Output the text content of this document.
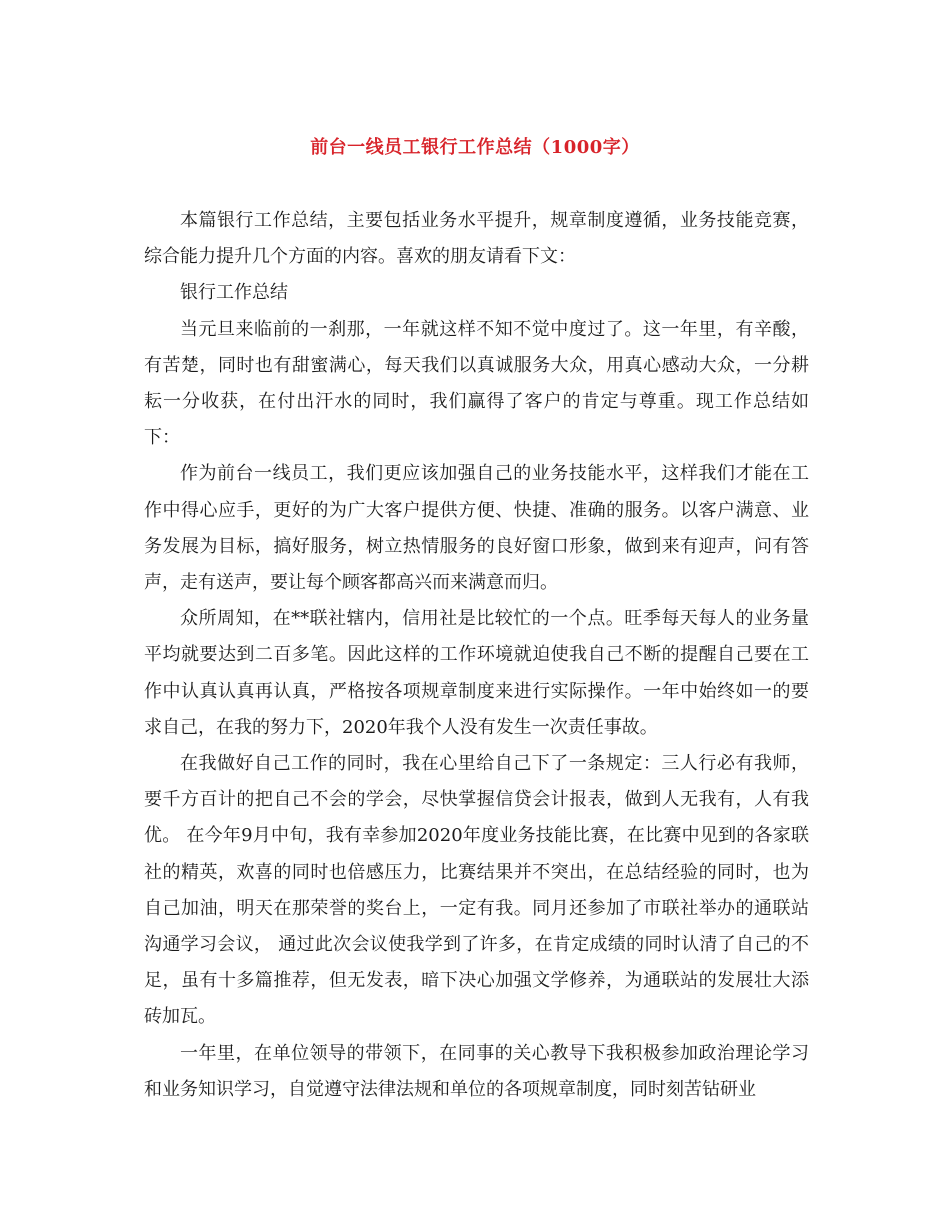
前台一线员工银行工作总结（1000字）

本篇银行工作总结，主要包括业务水平提升，规章制度遵循，业务技能竞赛，综合能力提升几个方面的内容。喜欢的朋友请看下文：

银行工作总结

当元旦来临前的一刹那，一年就这样不知不觉中度过了。这一年里，有辛酸，有苦楚，同时也有甜蜜满心，每天我们以真诚服务大众，用真心感动大众，一分耕耘一分收获，在付出汗水的同时，我们赢得了客户的肯定与尊重。现工作总结如下：

作为前台一线员工，我们更应该加强自己的业务技能水平，这样我们才能在工作中得心应手，更好的为广大客户提供方便、快捷、准确的服务。以客户满意、业务发展为目标，搞好服务，树立热情服务的良好窗口形象，做到来有迎声，问有答声，走有送声，要让每个顾客都高兴而来满意而归。

众所周知，在**联社辖内，信用社是比较忙的一个点。旺季每天每人的业务量平均就要达到二百多笔。因此这样的工作环境就迫使我自己不断的提醒自己要在工作中认真认真再认真，严格按各项规章制度来进行实际操作。一年中始终如一的要求自己，在我的努力下，2020年我个人没有发生一次责任事故。

在我做好自己工作的同时，我在心里给自己下了一条规定：三人行必有我师，要千方百计的把自己不会的学会，尽快掌握信贷会计报表，做到人无我有，人有我优。 在今年9月中旬，我有幸参加2020年度业务技能比赛，在比赛中见到的各家联社的精英，欢喜的同时也倍感压力，比赛结果并不突出，在总结经验的同时，也为自己加油，明天在那荣誉的奖台上，一定有我。同月还参加了市联社举办的通联站沟通学习会议， 通过此次会议使我学到了许多，在肯定成绩的同时认清了自己的不足，虽有十多篇推荐，但无发表，暗下决心加强文学修养，为通联站的发展壮大添砖加瓦。

一年里，在单位领导的带领下，在同事的关心教导下我积极参加政治理论学习和业务知识学习，自觉遵守法律法规和单位的各项规章制度，同时刻苦钻研业
